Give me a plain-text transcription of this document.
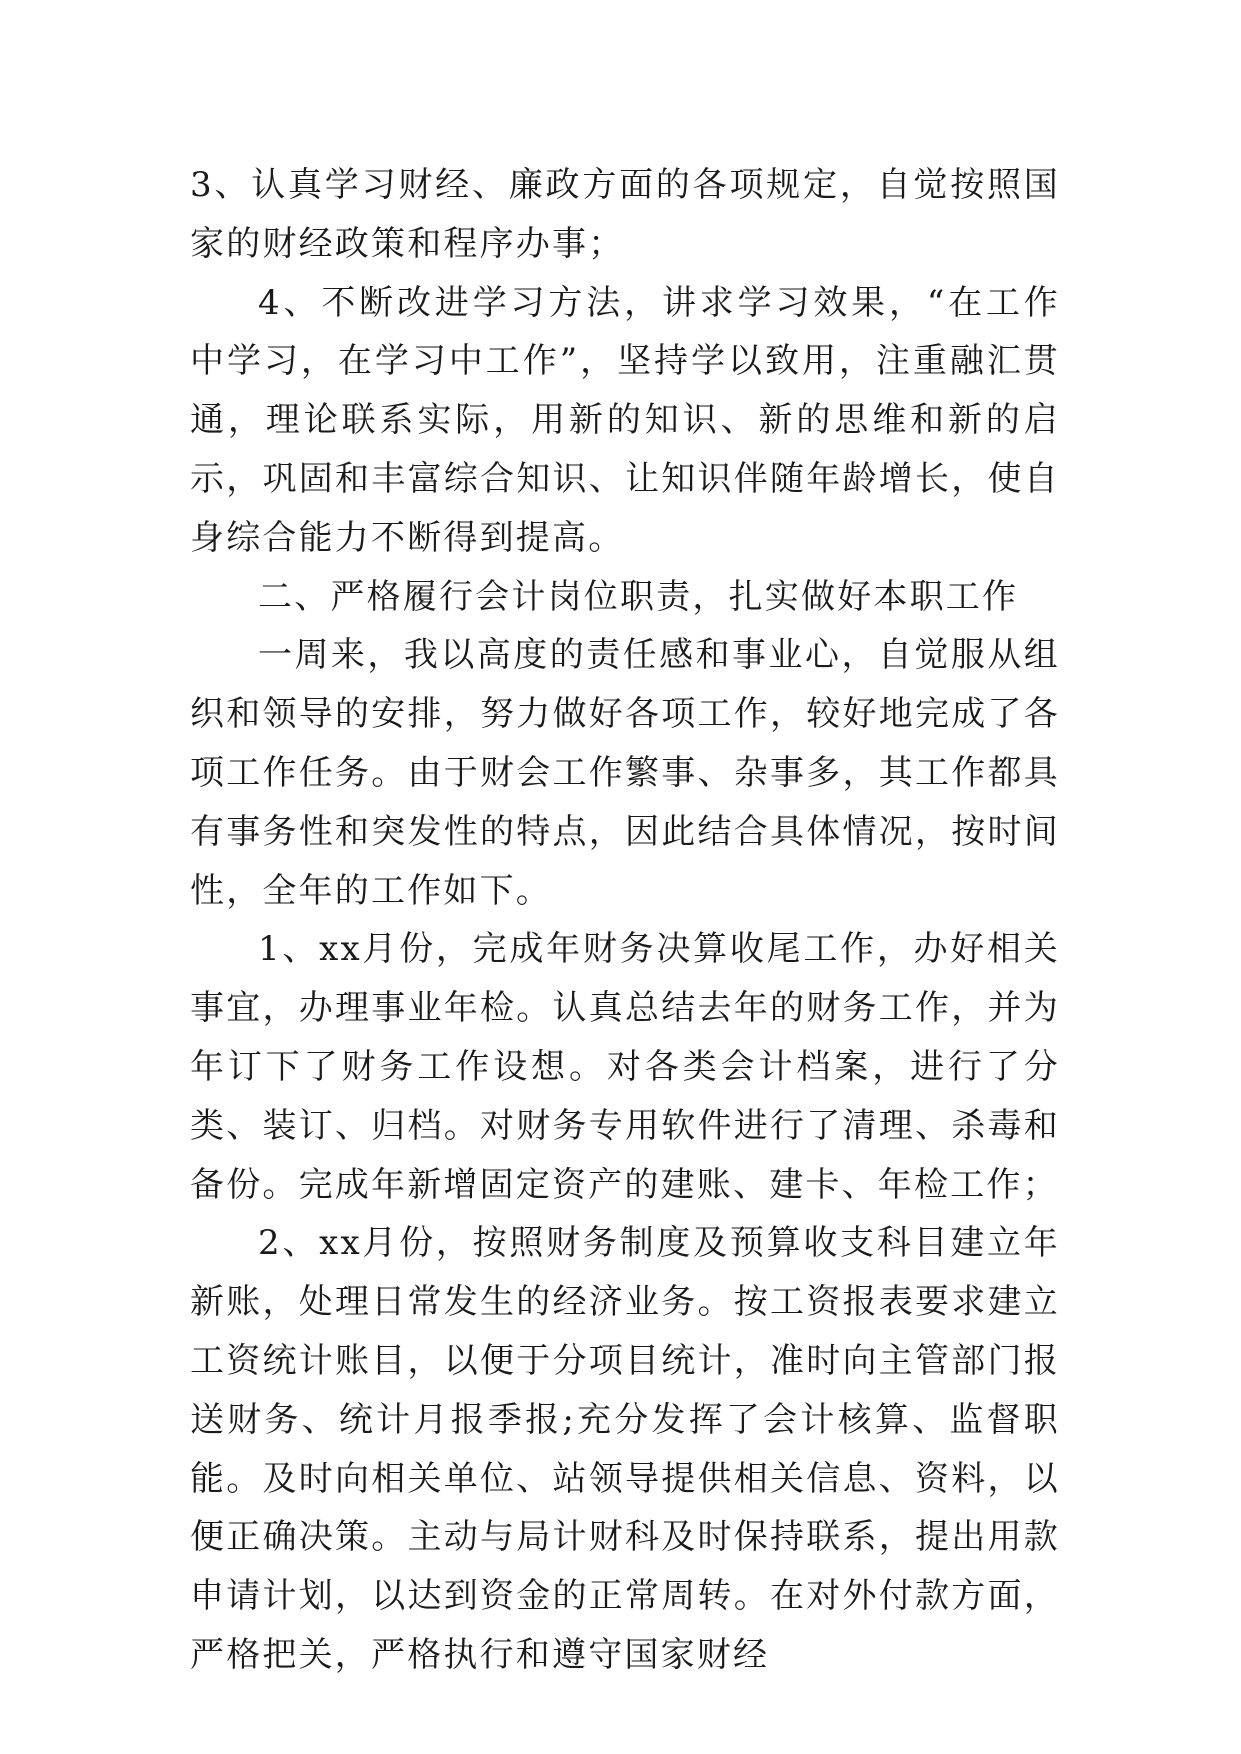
3、认真学习财经、廉政方面的各项规定，自觉按照国家的财经政策和程序办事；

4、不断改进学习方法，讲求学习效果，“在工作中学习，在学习中工作”，坚持学以致用，注重融汇贯通，理论联系实际，用新的知识、新的思维和新的启示，巩固和丰富综合知识、让知识伴随年龄增长，使自身综合能力不断得到提高。

二、严格履行会计岗位职责，扎实做好本职工作

一周来，我以高度的责任感和事业心，自觉服从组织和领导的安排，努力做好各项工作，较好地完成了各项工作任务。由于财会工作繁事、杂事多，其工作都具有事务性和突发性的特点，因此结合具体情况，按时间性，全年的工作如下。

1、xx月份，完成年财务决算收尾工作，办好相关事宜，办理事业年检。认真总结去年的财务工作，并为年订下了财务工作设想。对各类会计档案，进行了分类、装订、归档。对财务专用软件进行了清理、杀毒和备份。完成年新增固定资产的建账、建卡、年检工作；

2、xx月份，按照财务制度及预算收支科目建立年新账，处理日常发生的经济业务。按工资报表要求建立工资统计账目，以便于分项目统计，准时向主管部门报送财务、统计月报季报;充分发挥了会计核算、监督职能。及时向相关单位、站领导提供相关信息、资料，以便正确决策。主动与局计财科及时保持联系，提出用款申请计划，以达到资金的正常周转。在对外付款方面，严格把关，严格执行和遵守国家财经
